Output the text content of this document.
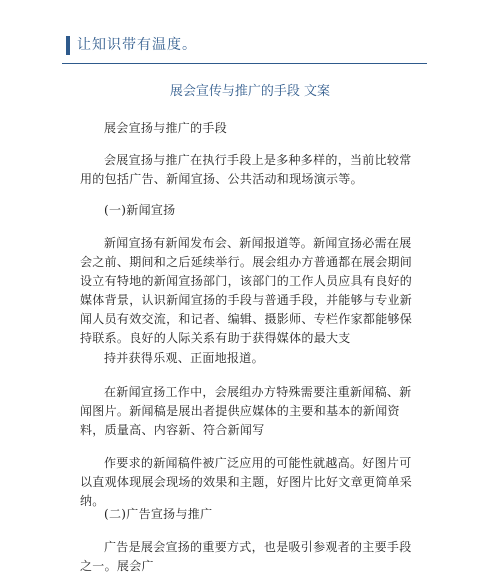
让知识带有温度。
展会宣传与推广的手段 文案

展会宣扬与推广的手段

会展宣扬与推广在执行手段上是多种多样的，当前比较常用的包括广告、新闻宣扬、公共活动和现场演示等。

(一)新闻宣扬

新闻宣扬有新闻发布会、新闻报道等。新闻宣扬必需在展会之前、期间和之后延续举行。展会组办方普通都在展会期间设立有特地的新闻宣扬部门，该部门的工作人员应具有良好的媒体背景，认识新闻宣扬的手段与普通手段，并能够与专业新闻人员有效交流，和记者、编辑、摄影师、专栏作家都能够保持联系。良好的人际关系有助于获得媒体的最大支

持并获得乐观、正面地报道。

在新闻宣扬工作中，会展组办方特殊需要注重新闻稿、新闻图片。新闻稿是展出者提供应媒体的主要和基本的新闻资料，质量高、内容新、符合新闻写

作要求的新闻稿件被广泛应用的可能性就越高。好图片可以直观体现展会现场的效果和主题，好图片比好文章更简单采纳。

(二)广告宣扬与推广

广告是展会宣扬的重要方式，也是吸引参观者的主要手段之一。展会广
